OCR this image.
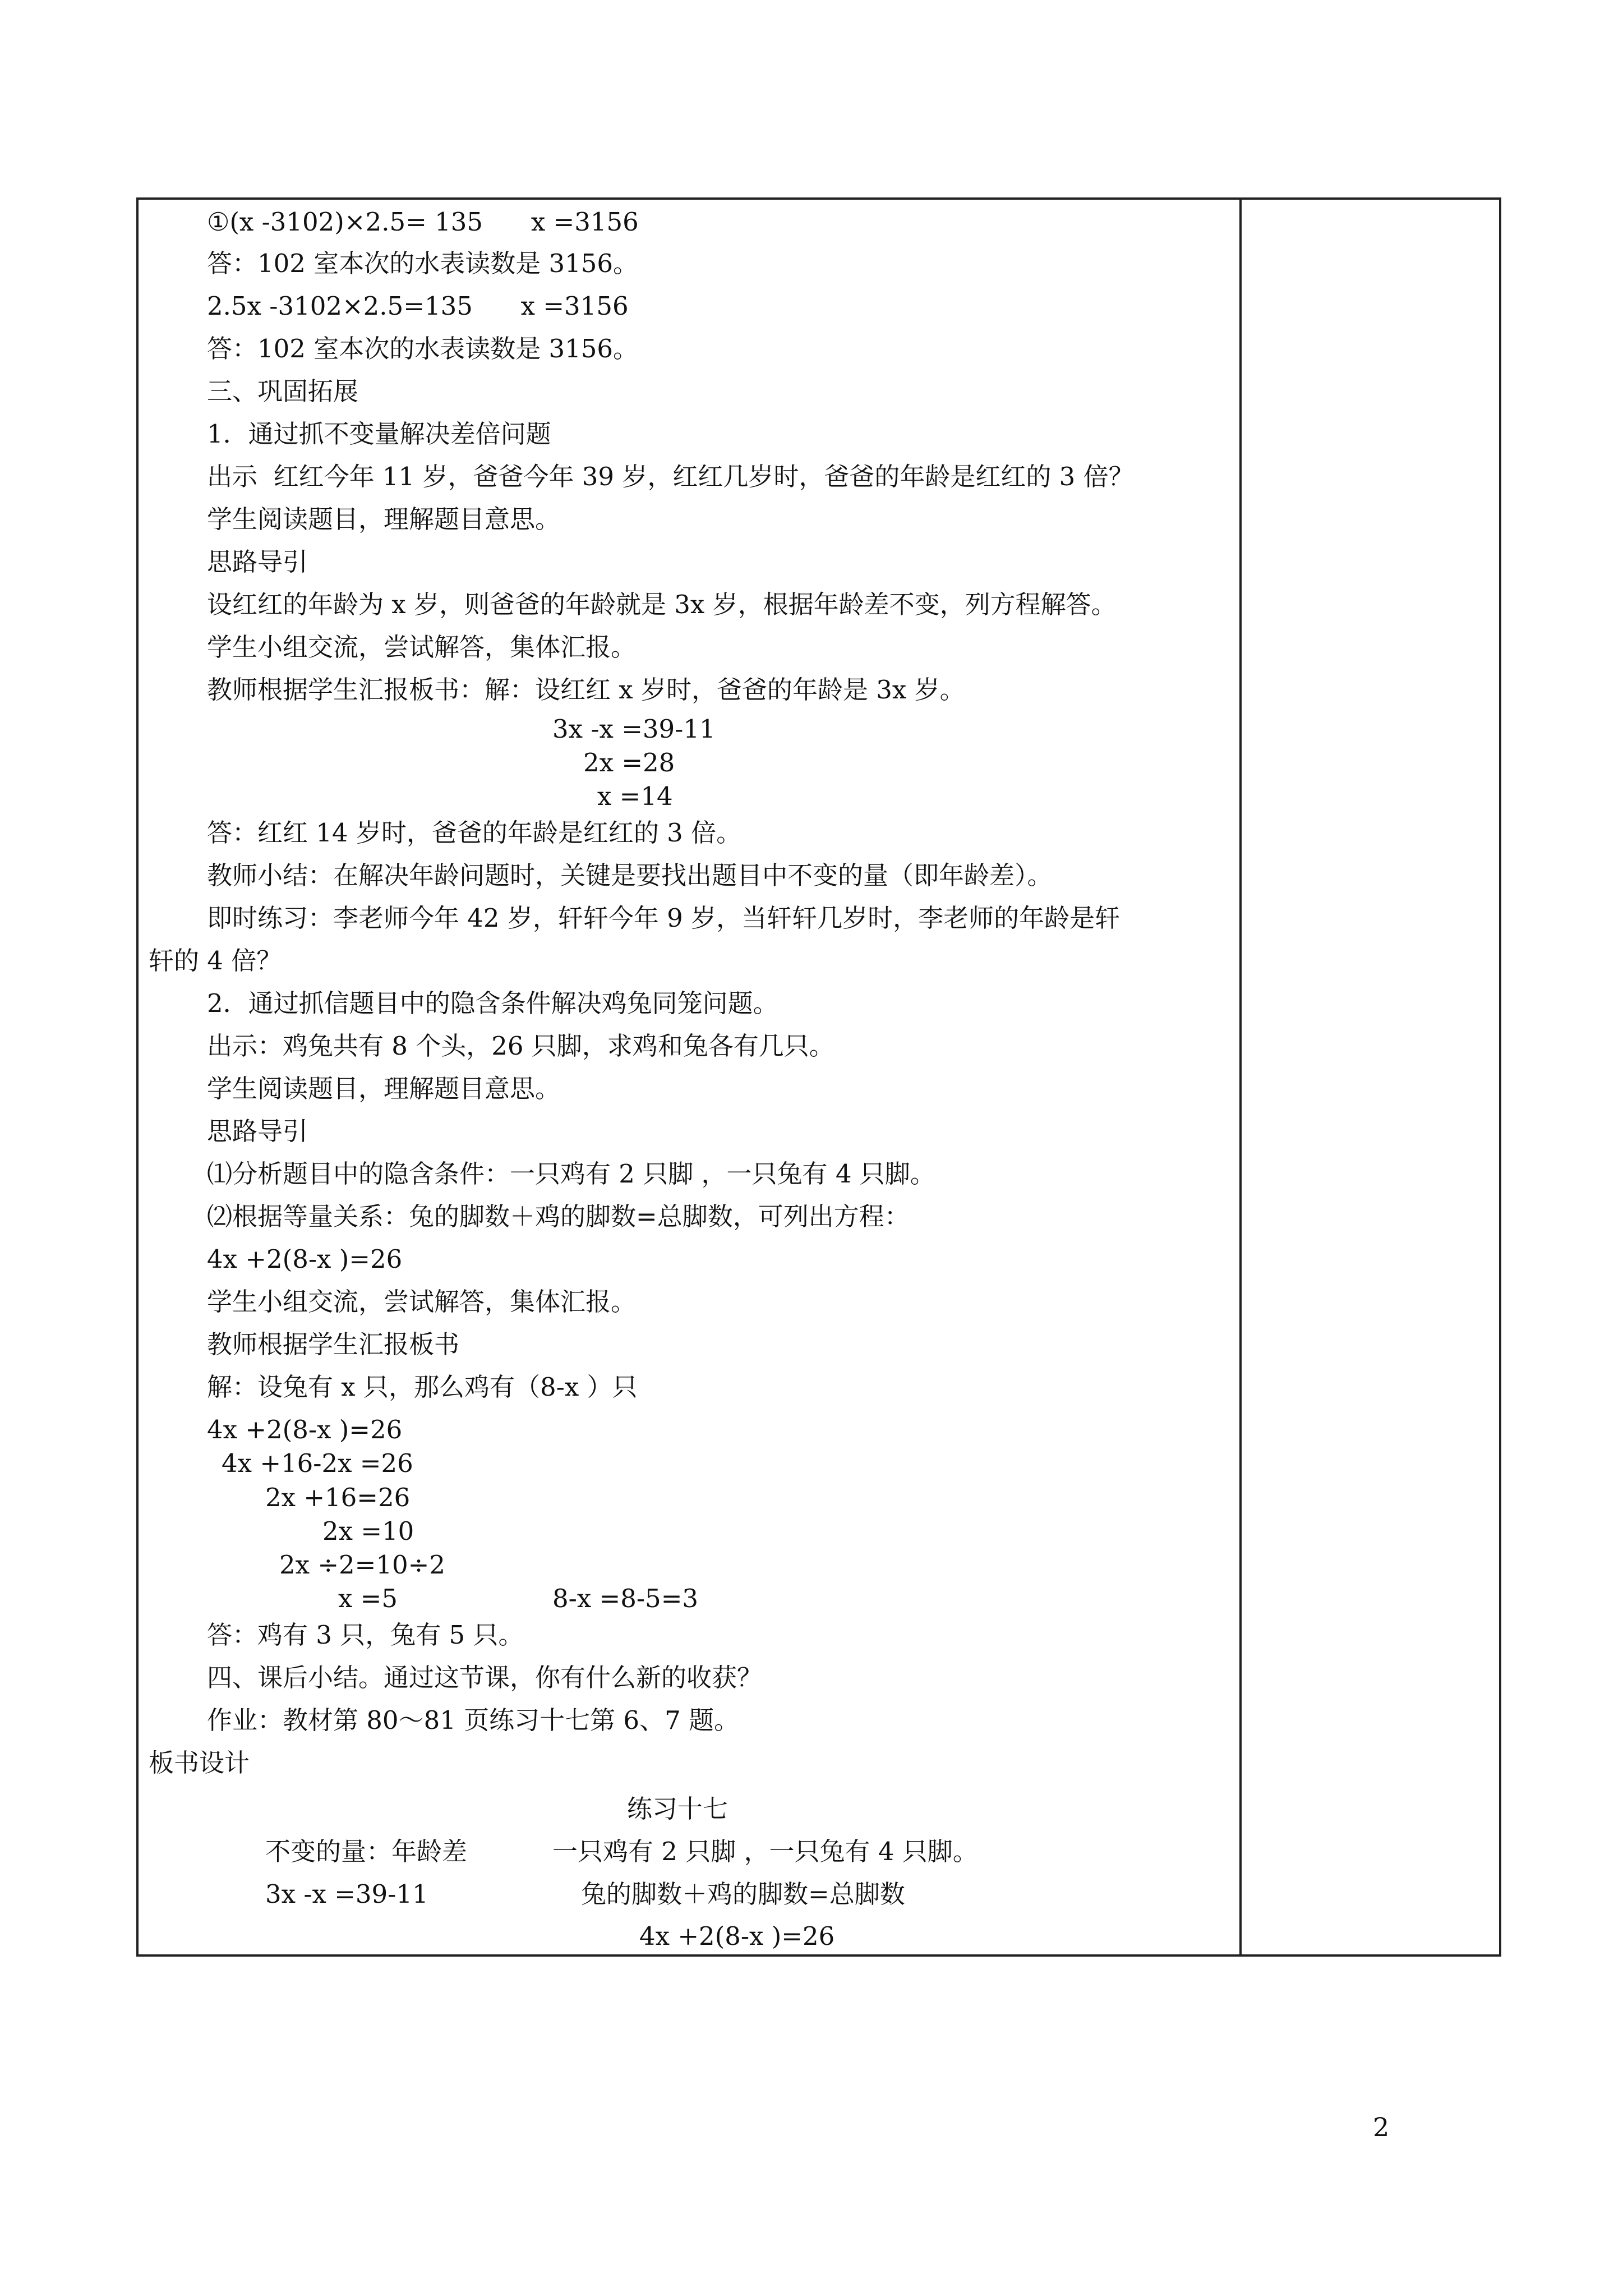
①(x -3102)×2.5= 135      x =3156
答：102 室本次的水表读数是 3156。
2.5x -3102×2.5=135      x =3156
答：102 室本次的水表读数是 3156。
三、巩固拓展
1．通过抓不变量解决差倍问题
出示  红红今年 11 岁，爸爸今年 39 岁，红红几岁时，爸爸的年龄是红红的 3 倍？
学生阅读题目，理解题目意思。
思路导引
设红红的年龄为 x 岁，则爸爸的年龄就是 3x 岁，根据年龄差不变，列方程解答。
学生小组交流，尝试解答，集体汇报。
教师根据学生汇报板书：解：设红红 x 岁时，爸爸的年龄是 3x 岁。
3x -x =39-11
2x =28
x =14
答：红红 14 岁时，爸爸的年龄是红红的 3 倍。
教师小结：在解决年龄问题时，关键是要找出题目中不变的量（即年龄差）。
即时练习：李老师今年 42 岁，轩轩今年 9 岁，当轩轩几岁时，李老师的年龄是轩
轩的 4 倍？
2．通过抓信题目中的隐含条件解决鸡兔同笼问题。
出示：鸡兔共有 8 个头，26 只脚，求鸡和兔各有几只。
学生阅读题目，理解题目意思。
思路导引
⑴分析题目中的隐含条件：一只鸡有 2 只脚 ，一只兔有 4 只脚。
⑵根据等量关系：兔的脚数＋鸡的脚数=总脚数，可列出方程：
4x +2(8-x )=26
学生小组交流，尝试解答，集体汇报。
教师根据学生汇报板书
解：设兔有 x 只，那么鸡有（8-x ）只
4x +2(8-x )=26
4x +16-2x =26
2x +16=26
2x =10
2x ÷2=10÷2
x =5	8-x =8-5=3
答：鸡有 3 只，兔有 5 只。
四、课后小结。通过这节课，你有什么新的收获？
作业：教材第 80～81 页练习十七第 6、7 题。
板书设计
练习十七
不变的量：年龄差	一只鸡有 2 只脚 ，一只兔有 4 只脚。
3x -x =39-11	兔的脚数＋鸡的脚数=总脚数
4x +2(8-x )=26
2
